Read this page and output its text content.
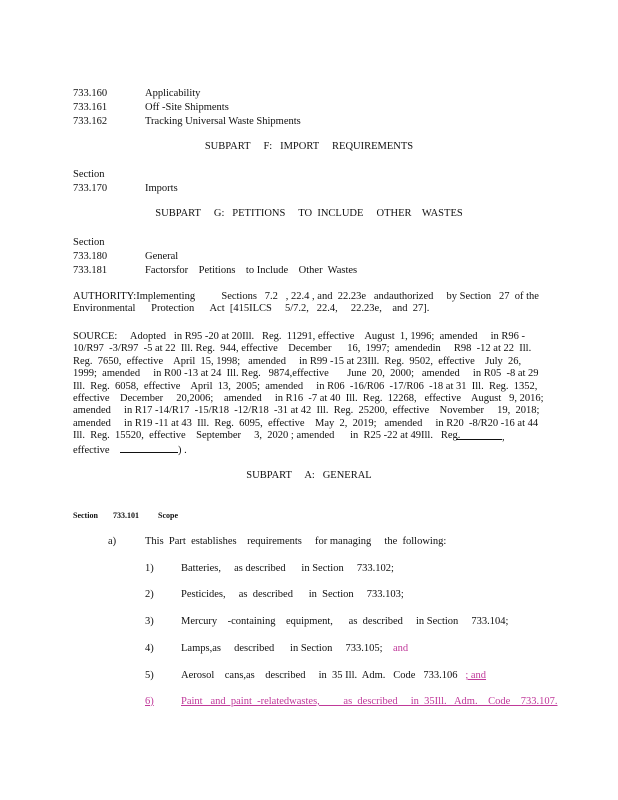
733.160	Applicability
733.161	Off -Site Shipments
733.162	Tracking Universal Waste Shipments
SUBPART     F:   IMPORT     REQUIREMENTS
Section
733.170	Imports
SUBPART     G:   PETITIONS     TO  INCLUDE     OTHER    WASTES
Section
733.180	General
733.181	Factorsfor    Petitions    to Include    Other  Wastes
AUTHORITY:Implementing          Sections   7.2   , 22.4 , and  22.23e   andauthorized     by Section   27  of the
Environmental      Protection      Act  [415ILCS     5/7.2,   22.4,     22.23e,    and  27].
SOURCE:     Adopted   in R95 -20 at 20Ill.   Reg.  11291, effective    August  1, 1996;  amended     in R96 -
10/R97  -3/R97  -5 at 22  Ill. Reg.  944, effective    December      16,  1997;  amendedin     R98  -12 at 22  Ill.
Reg.  7650,  effective    April  15, 1998;   amended     in R99 -15 at 23Ill.  Reg.  9502,  effective    July  26,
1999;  amended     in R00 -13 at 24  Ill. Reg.   9874,effective       June  20,  2000;   amended     in R05  -8 at 29
Ill.  Reg.  6058,  effective    April  13,  2005;  amended     in R06  -16/R06  -17/R06  -18 at 31  Ill.  Reg.  1352,
effective    December     20,2006;    amended     in R16  -7 at 40  Ill.  Reg.  12268,   effective    August   9, 2016;
amended     in R17 -14/R17  -15/R18  -12/R18  -31 at 42  Ill.  Reg.  25200,  effective    November     19,  2018;
amended     in R19 -11 at 43  Ill.  Reg.  6095,  effective    May  2,  2019;   amended     in R20  -8/R20 -16 at 44
Ill.  Reg.  15520,  effective    September     3,  2020 ; amended      in  R25 -22 at 49Ill.   Reg.	,
effective	) .
SUBPART     A:   GENERAL
Section 733.101 Scope
a)	This  Part  establishes    requirements     for managing     the  following:
1)	Batteries,     as described      in Section     733.102;
2)	Pesticides,     as  described      in  Section     733.103;
3)	Mercury    -containing    equipment,      as  described     in Section     733.104;
4)	Lamps,as     described      in Section     733.105; and
5)	Aerosol    cans,as    described     in  35 Ill.  Adm.   Code   733.106 ; and
6)	Paint   and  paint  -relatedwastes,         as  described     in  35Ill.   Adm.    Code    733.107.
